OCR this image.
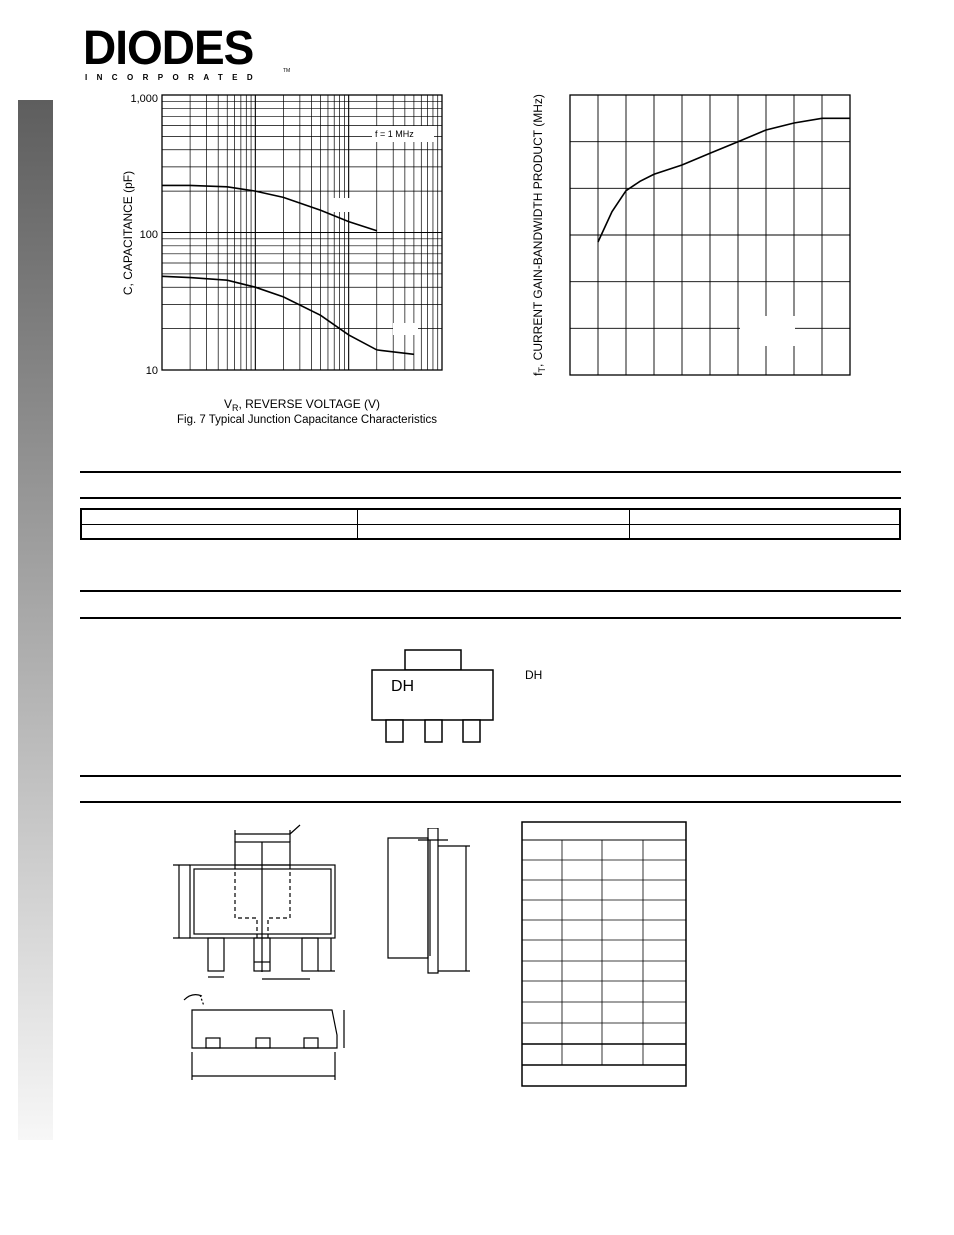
DIODES
INCORPORATED
TM
1,000
100
10
f = 1 MHz
C, CAPACITANCE (pF)
$V_R$, REVERSE VOLTAGE (V)
Fig. 7 Typical Junction Capacitance Characteristics
$f_T$, CURRENT GAIN-BANDWIDTH PRODUCT (MHz)
DH
DH
